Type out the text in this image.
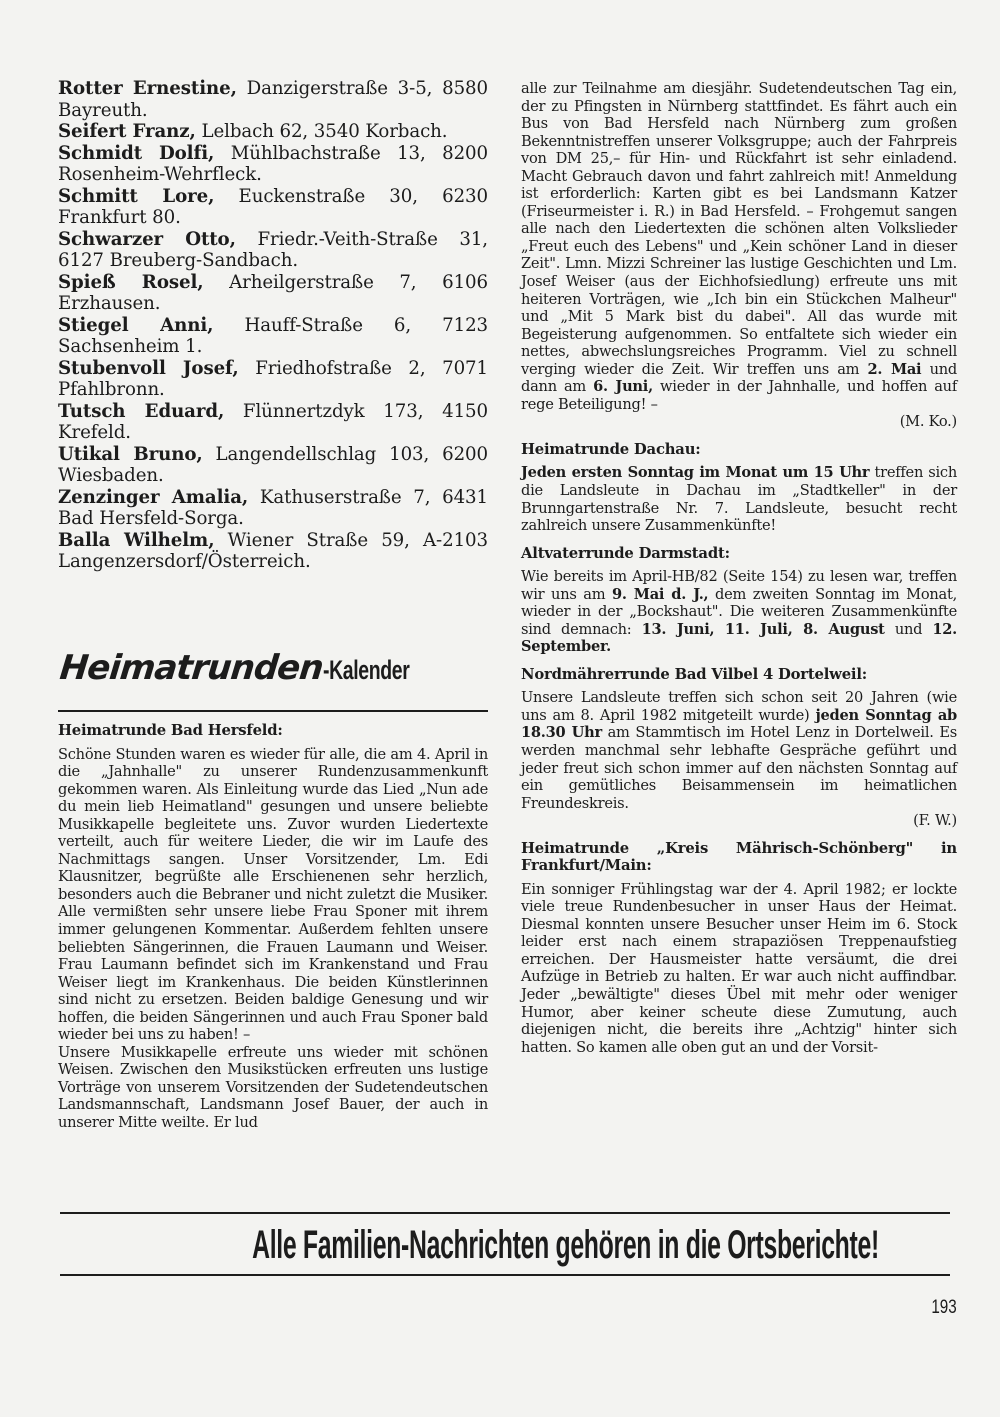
Rotter Ernestine, Danzigerstraße 3-5, 8580 Bayreuth.

Seifert Franz, Lelbach 62, 3540 Korbach.

Schmidt Dolfi, Mühlbachstraße 13, 8200 Rosenheim-Wehrfleck.

Schmitt Lore, Euckenstraße 30, 6230 Frankfurt 80.

Schwarzer Otto, Friedr.-Veith-Straße 31, 6127 Breuberg-Sandbach.

Spieß Rosel, Arheilgerstraße 7, 6106 Erzhausen.

Stiegel Anni, Hauff-Straße 6, 7123 Sachsenheim 1.

Stubenvoll Josef, Friedhofstraße 2, 7071 Pfahlbronn.

Tutsch Eduard, Flünnertzdyk 173, 4150 Krefeld.

Utikal Bruno, Langendellschlag 103, 6200 Wiesbaden.

Zenzinger Amalia, Kathuserstraße 7, 6431 Bad Hersfeld-Sorga.

Balla Wilhelm, Wiener Straße 59, A-2103 Langenzersdorf/Österreich.

Heimatrunden-Kalender

Heimatrunde Bad Hersfeld:

Schöne Stunden waren es wieder für alle, die am 4. April in die „Jahnhalle" zu unserer Rundenzusammenkunft gekommen waren. Als Einleitung wurde das Lied „Nun ade du mein lieb Heimatland" gesungen und unsere beliebte Musikkapelle begleitete uns. Zuvor wurden Liedertexte verteilt, auch für weitere Lieder, die wir im Laufe des Nachmittags sangen. Unser Vorsitzender, Lm. Edi Klausnitzer, begrüßte alle Erschienenen sehr herzlich, besonders auch die Bebraner und nicht zuletzt die Musiker. Alle vermißten sehr unsere liebe Frau Sponer mit ihrem immer gelungenen Kommentar. Außerdem fehlten unsere beliebten Sängerinnen, die Frauen Laumann und Weiser. Frau Laumann befindet sich im Krankenstand und Frau Weiser liegt im Krankenhaus. Die beiden Künstlerinnen sind nicht zu ersetzen. Beiden baldige Genesung und wir hoffen, die beiden Sängerinnen und auch Frau Sponer bald wieder bei uns zu haben! –

Unsere Musikkapelle erfreute uns wieder mit schönen Weisen. Zwischen den Musikstücken erfreuten uns lustige Vorträge von unserem Vorsitzenden der Sudetendeutschen Landsmannschaft, Landsmann Josef Bauer, der auch in unserer Mitte weilte. Er lud

alle zur Teilnahme am diesjähr. Sudetendeutschen Tag ein, der zu Pfingsten in Nürnberg stattfindet. Es fährt auch ein Bus von Bad Hersfeld nach Nürnberg zum großen Bekenntnistreffen unserer Volksgruppe; auch der Fahrpreis von DM 25,– für Hin- und Rückfahrt ist sehr einladend. Macht Gebrauch davon und fahrt zahlreich mit! Anmeldung ist erforderlich: Karten gibt es bei Landsmann Katzer (Friseurmeister i. R.) in Bad Hersfeld. – Frohgemut sangen alle nach den Liedertexten die schönen alten Volkslieder „Freut euch des Lebens" und „Kein schöner Land in dieser Zeit". Lmn. Mizzi Schreiner las lustige Geschichten und Lm. Josef Weiser (aus der Eichhofsiedlung) erfreute uns mit heiteren Vorträgen, wie „Ich bin ein Stückchen Malheur" und „Mit 5 Mark bist du dabei". All das wurde mit Begeisterung aufgenommen. So entfaltete sich wieder ein nettes, abwechslungsreiches Programm. Viel zu schnell verging wieder die Zeit. Wir treffen uns am 2. Mai und dann am 6. Juni, wieder in der Jahnhalle, und hoffen auf rege Beteiligung! –

(M. Ko.)

Heimatrunde Dachau:

Jeden ersten Sonntag im Monat um 15 Uhr treffen sich die Landsleute in Dachau im „Stadtkeller" in der Brunngartenstraße Nr. 7. Landsleute, besucht recht zahlreich unsere Zusammenkünfte!

Altvaterrunde Darmstadt:

Wie bereits im April-HB/82 (Seite 154) zu lesen war, treffen wir uns am 9. Mai d. J., dem zweiten Sonntag im Monat, wieder in der „Bockshaut". Die weiteren Zusammenkünfte sind demnach: 13. Juni, 11. Juli, 8. August und 12. September.

Nordmährerrunde Bad Vilbel 4 Dortelweil:

Unsere Landsleute treffen sich schon seit 20 Jahren (wie uns am 8. April 1982 mitgeteilt wurde) jeden Sonntag ab 18.30 Uhr am Stammtisch im Hotel Lenz in Dortelweil. Es werden manchmal sehr lebhafte Gespräche geführt und jeder freut sich schon immer auf den nächsten Sonntag auf ein gemütliches Beisammensein im heimatlichen Freundeskreis.

(F. W.)

Heimatrunde „Kreis Mährisch-Schönberg" in Frankfurt/Main:

Ein sonniger Frühlingstag war der 4. April 1982; er lockte viele treue Rundenbesucher in unser Haus der Heimat. Diesmal konnten unsere Besucher unser Heim im 6. Stock leider erst nach einem strapaziösen Treppenaufstieg erreichen. Der Hausmeister hatte versäumt, die drei Aufzüge in Betrieb zu halten. Er war auch nicht auffindbar. Jeder „bewältigte" dieses Übel mit mehr oder weniger Humor, aber keiner scheute diese Zumutung, auch diejenigen nicht, die bereits ihre „Achtzig" hinter sich hatten. So kamen alle oben gut an und der Vorsit-

Alle Familien-Nachrichten gehören in die Ortsberichte!
193
